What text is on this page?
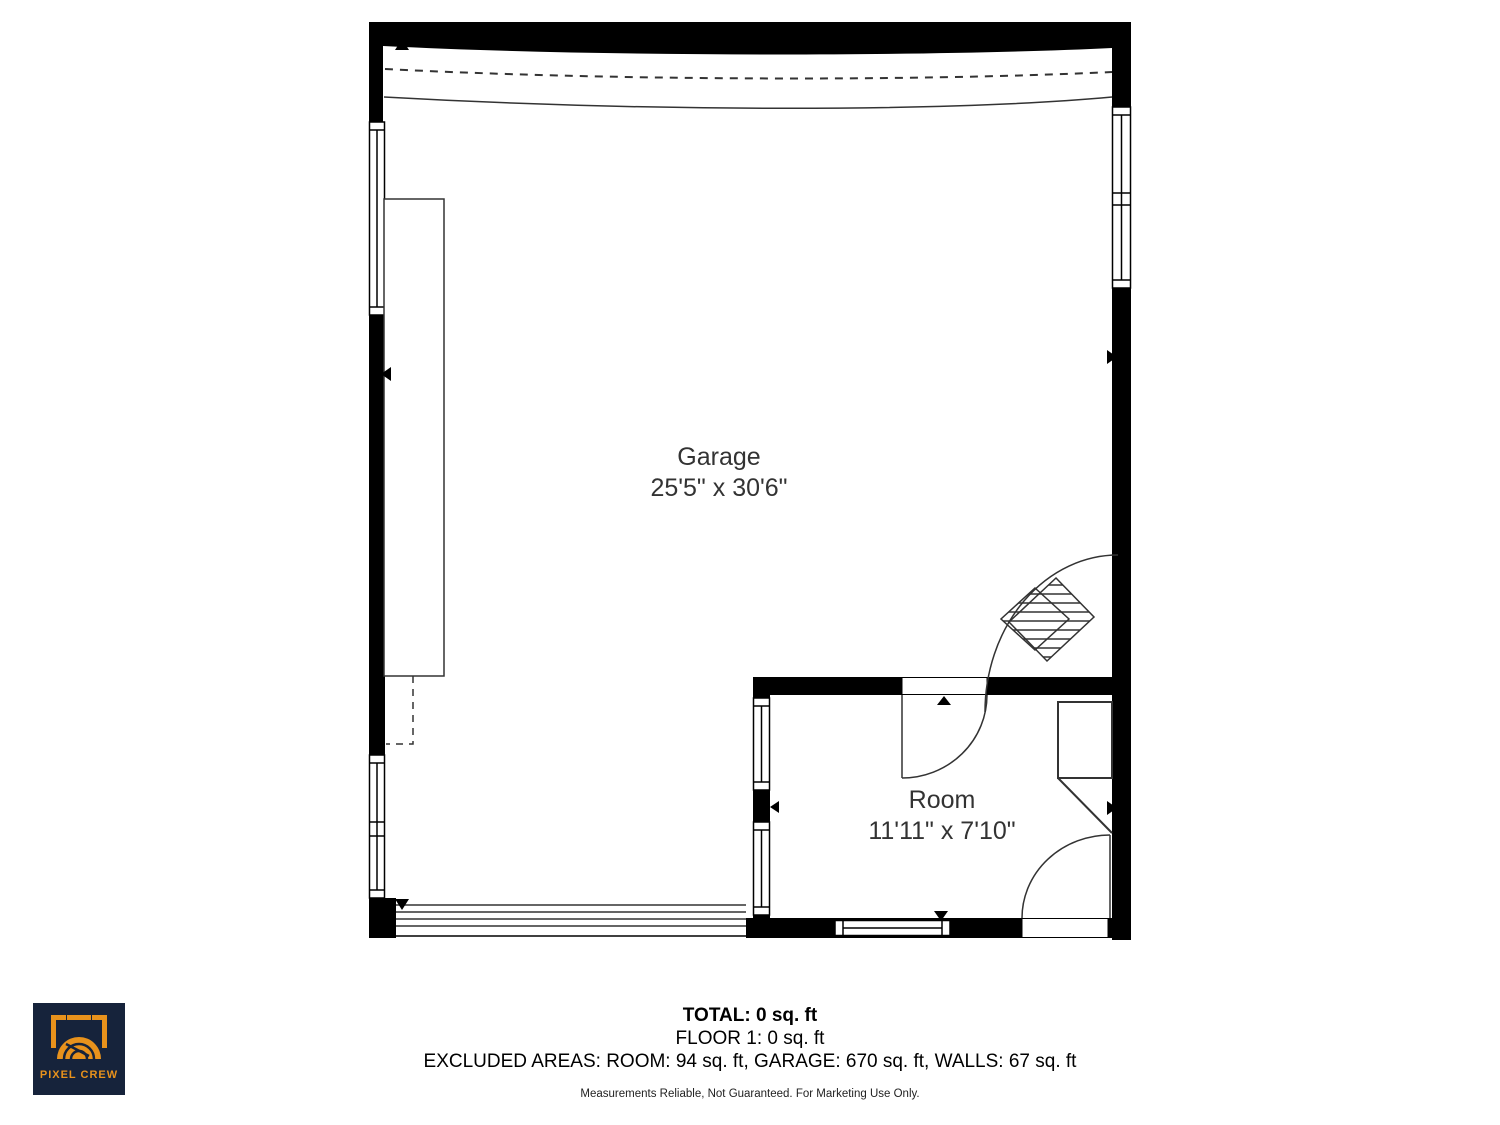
Garage
25'5" x 30'6"
Room
11'11" x 7'10"
TOTAL: 0 sq. ft
FLOOR 1: 0 sq. ft
EXCLUDED AREAS: ROOM: 94 sq. ft, GARAGE: 670 sq. ft, WALLS: 67 sq. ft
Measurements Reliable, Not Guaranteed. For Marketing Use Only.
PIXEL CREW
